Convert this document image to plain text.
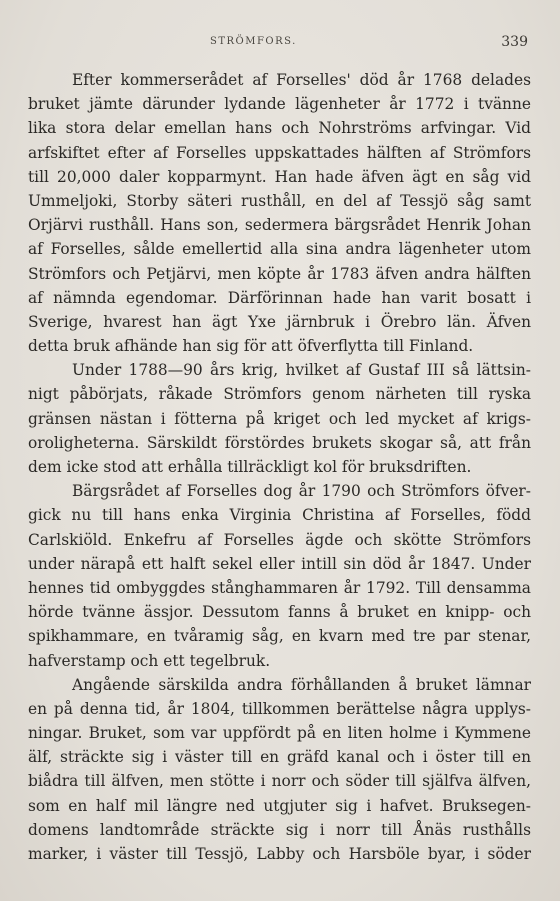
STRÖMFORS.	339
Efter kommerserådet af Forselles' död år 1768 delades
bruket jämte därunder lydande lägenheter år 1772 i tvänne
lika stora delar emellan hans och Nohrströms arfvingar. Vid
arfskiftet efter af Forselles uppskattades hälften af Strömfors
till 20,000 daler kopparmynt. Han hade äfven ägt en såg vid
Ummeljoki, Storby säteri rusthåll, en del af Tessjö såg samt
Orjärvi rusthåll. Hans son, sedermera bärgsrådet Henrik Johan
af Forselles, sålde emellertid alla sina andra lägenheter utom
Strömfors och Petjärvi, men köpte år 1783 äfven andra hälften
af nämnda egendomar. Därförinnan hade han varit bosatt i
Sverige, hvarest han ägt Yxe järnbruk i Örebro län. Äfven
detta bruk afhände han sig för att öfverflytta till Finland.
Under 1788—90 års krig, hvilket af Gustaf III så lättsin-
nigt påbörjats, råkade Strömfors genom närheten till ryska
gränsen nästan i fötterna på kriget och led mycket af krigs-
oroligheterna. Särskildt förstördes brukets skogar så, att från
dem icke stod att erhålla tillräckligt kol för bruksdriften.
Bärgsrådet af Forselles dog år 1790 och Strömfors öfver-
gick nu till hans enka Virginia Christina af Forselles, född
Carlskiöld. Enkefru af Forselles ägde och skötte Strömfors
under närapå ett halft sekel eller intill sin död år 1847. Under
hennes tid ombyggdes stånghammaren år 1792. Till densamma
hörde tvänne ässjor. Dessutom fanns å bruket en knipp- och
spikhammare, en tvåramig såg, en kvarn med tre par stenar,
hafverstamp och ett tegelbruk.
Angående särskilda andra förhållanden å bruket lämnar
en på denna tid, år 1804, tillkommen berättelse några upplys-
ningar. Bruket, som var uppfördt på en liten holme i Kymmene
älf, sträckte sig i väster till en gräfd kanal och i öster till en
biådra till älfven, men stötte i norr och söder till själfva älfven,
som en half mil längre ned utgjuter sig i hafvet. Bruksegen-
domens landtområde sträckte sig i norr till Ånäs rusthålls
marker, i väster till Tessjö, Labby och Harsböle byar, i söder
